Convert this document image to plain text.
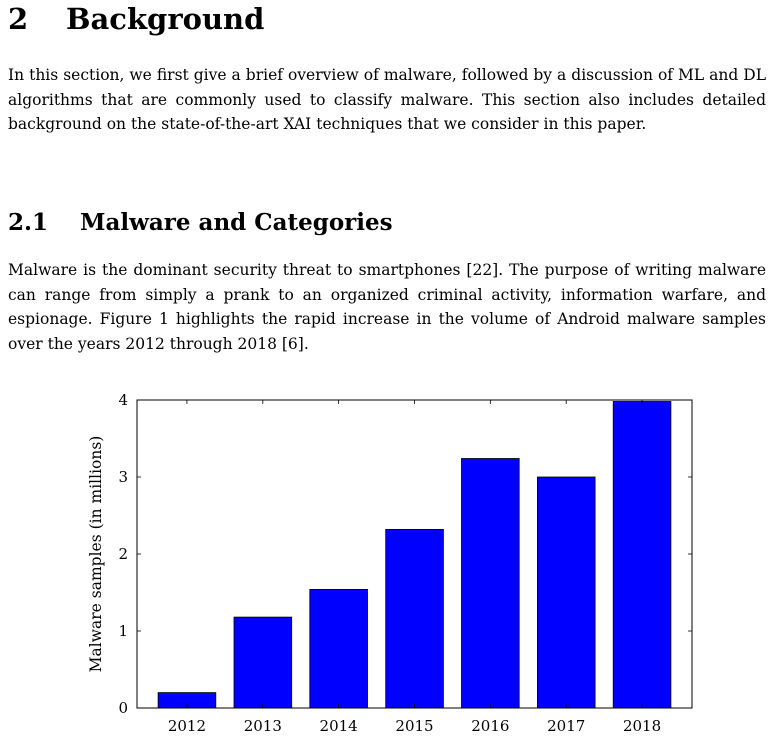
2 Background

In this section, we first give a brief overview of malware, followed by a discussion of ML and DL algorithms that are commonly used to classify malware. This section also includes detailed background on the state-of-the-art XAI techniques that we consider in this paper.

2.1 Malware and Categories

Malware is the dominant security threat to smartphones [22]. The purpose of writing malware can range from simply a prank to an organized criminal activity, information warfare, and espionage. Figure 1 highlights the rapid increase in the volume of Android malware samples over the years 2012 through 2018 [6].

2012	2013	2014	2015	2016	2017	2018
0
1
2
3
4
Malware samples (in millions)
